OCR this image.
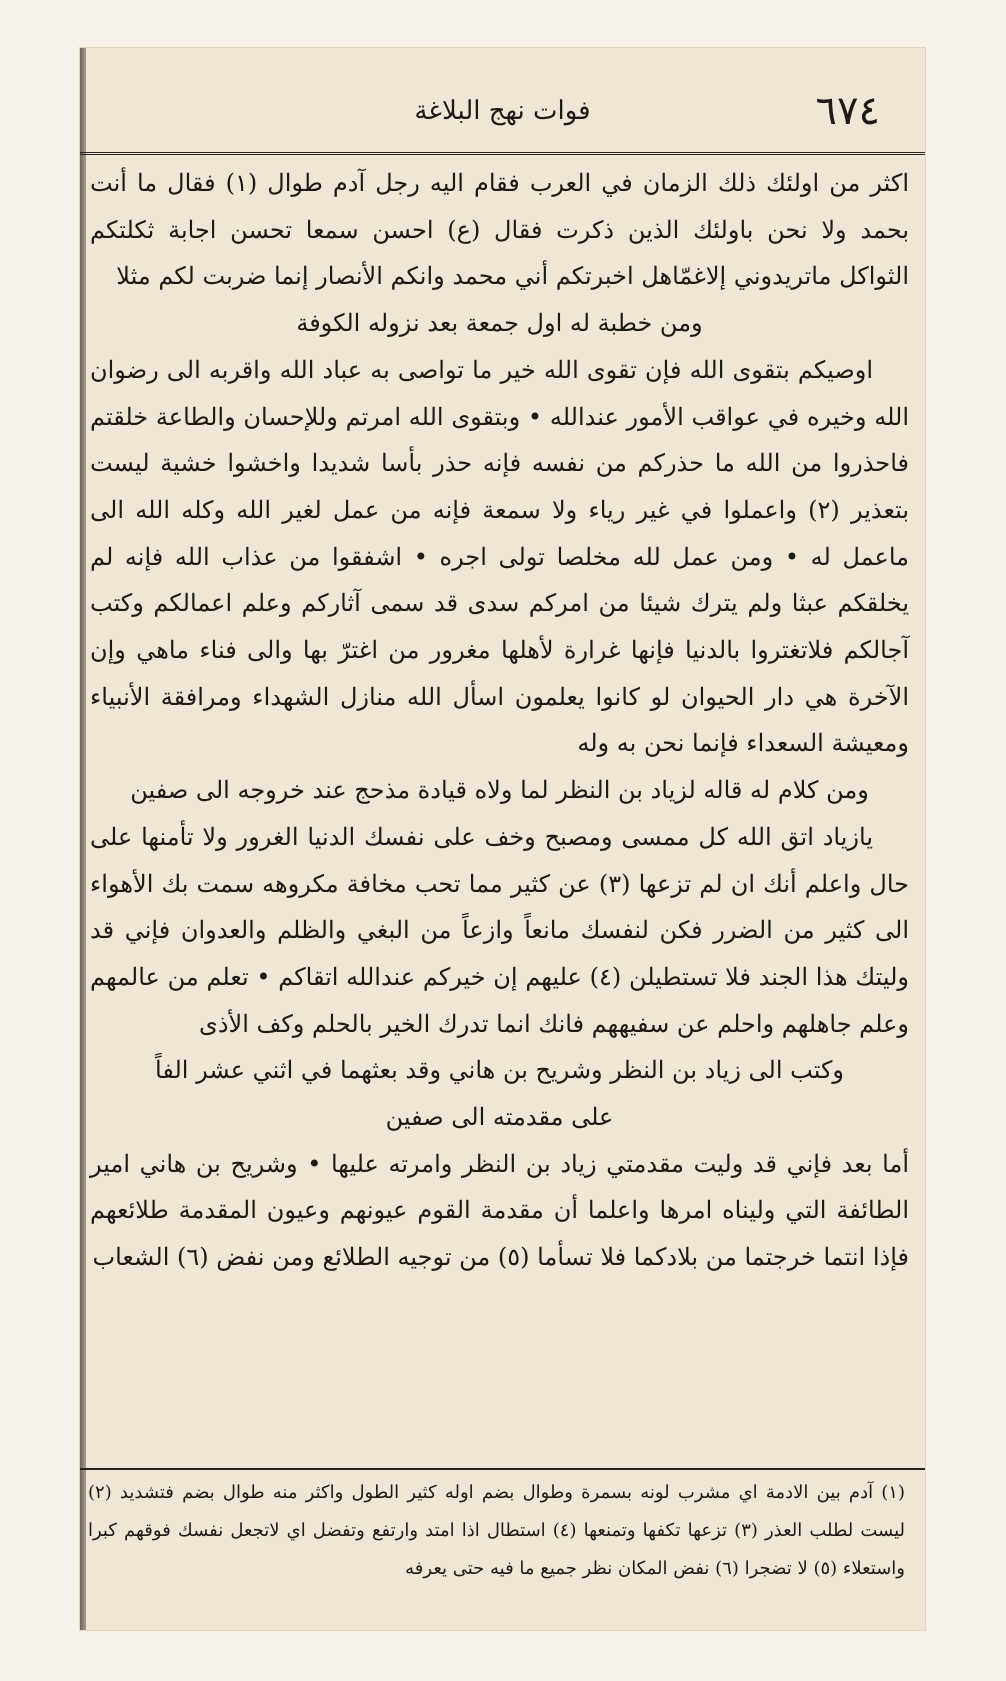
٦٧٤
فوات نهج البلاغة

اكثر من اولئك ذلك الزمان في العرب فقام اليه رجل آدم طوال (١) فقال ما أنت بحمد ولا نحن باولئك الذين ذكرت فقال (ع) احسن سمعا تحسن اجابة ثكلتكم الثواكل ماتريدوني إلاغمّاهل اخبرتكم أني محمد وانكم الأنصار إنما ضربت لكم مثلا

ومن خطبة له اول جمعة بعد نزوله الكوفة

اوصيكم بتقوى الله فإن تقوى الله خير ما تواصى به عباد الله واقربه الى رضوان الله وخيره في عواقب الأمور عندالله • وبتقوى الله امرتم وللإحسان والطاعة خلقتم فاحذروا من الله ما حذركم من نفسه فإنه حذر بأسا شديدا واخشوا خشية ليست بتعذير (٢) واعملوا في غير رياء ولا سمعة فإنه من عمل لغير الله وكله الله الى ماعمل له • ومن عمل لله مخلصا تولى اجره • اشفقوا من عذاب الله فإنه لم يخلقكم عبثا ولم يترك شيئا من امركم سدى قد سمى آثاركم وعلم اعمالكم وكتب آجالكم فلاتغتروا بالدنيا فإنها غرارة لأهلها مغرور من اغترّ بها والى فناء ماهي وإن الآخرة هي دار الحيوان لو كانوا يعلمون اسأل الله منازل الشهداء ومرافقة الأنبياء ومعيشة السعداء فإنما نحن به وله

ومن كلام له قاله لزياد بن النظر لما ولاه قيادة مذحج عند خروجه الى صفين

يازياد اتق الله كل ممسى ومصبح وخف على نفسك الدنيا الغرور ولا تأمنها على حال واعلم أنك ان لم تزعها (٣) عن كثير مما تحب مخافة مكروهه سمت بك الأهواء الى كثير من الضرر فكن لنفسك مانعاً وازعاً من البغي والظلم والعدوان فإني قد وليتك هذا الجند فلا تستطيلن (٤) عليهم إن خيركم عندالله اتقاكم • تعلم من عالمهم وعلم جاهلهم واحلم عن سفيههم فانك انما تدرك الخير بالحلم وكف الأذى

وكتب الى زياد بن النظر وشريح بن هاني وقد بعثهما في اثني عشر الفاً

على مقدمته الى صفين

أما بعد فإني قد وليت مقدمتي زياد بن النظر وامرته عليها • وشريح بن هاني امير الطائفة التي وليناه امرها واعلما أن مقدمة القوم عيونهم وعيون المقدمة طلائعهم فإذا انتما خرجتما من بلادكما فلا تسأما (٥) من توجيه الطلائع ومن نفض (٦) الشعاب

(١) آدم بين الادمة اي مشرب لونه بسمرة وطوال بضم اوله كثير الطول واكثر منه طوال بضم فتشديد (٢) ليست لطلب العذر (٣) تزعها تكفها وتمنعها (٤) استطال اذا امتد وارتفع وتفضل اي لاتجعل نفسك فوقهم كبرا واستعلاء (٥) لا تضجرا (٦) نفض المكان نظر جميع ما فيه حتى يعرفه
